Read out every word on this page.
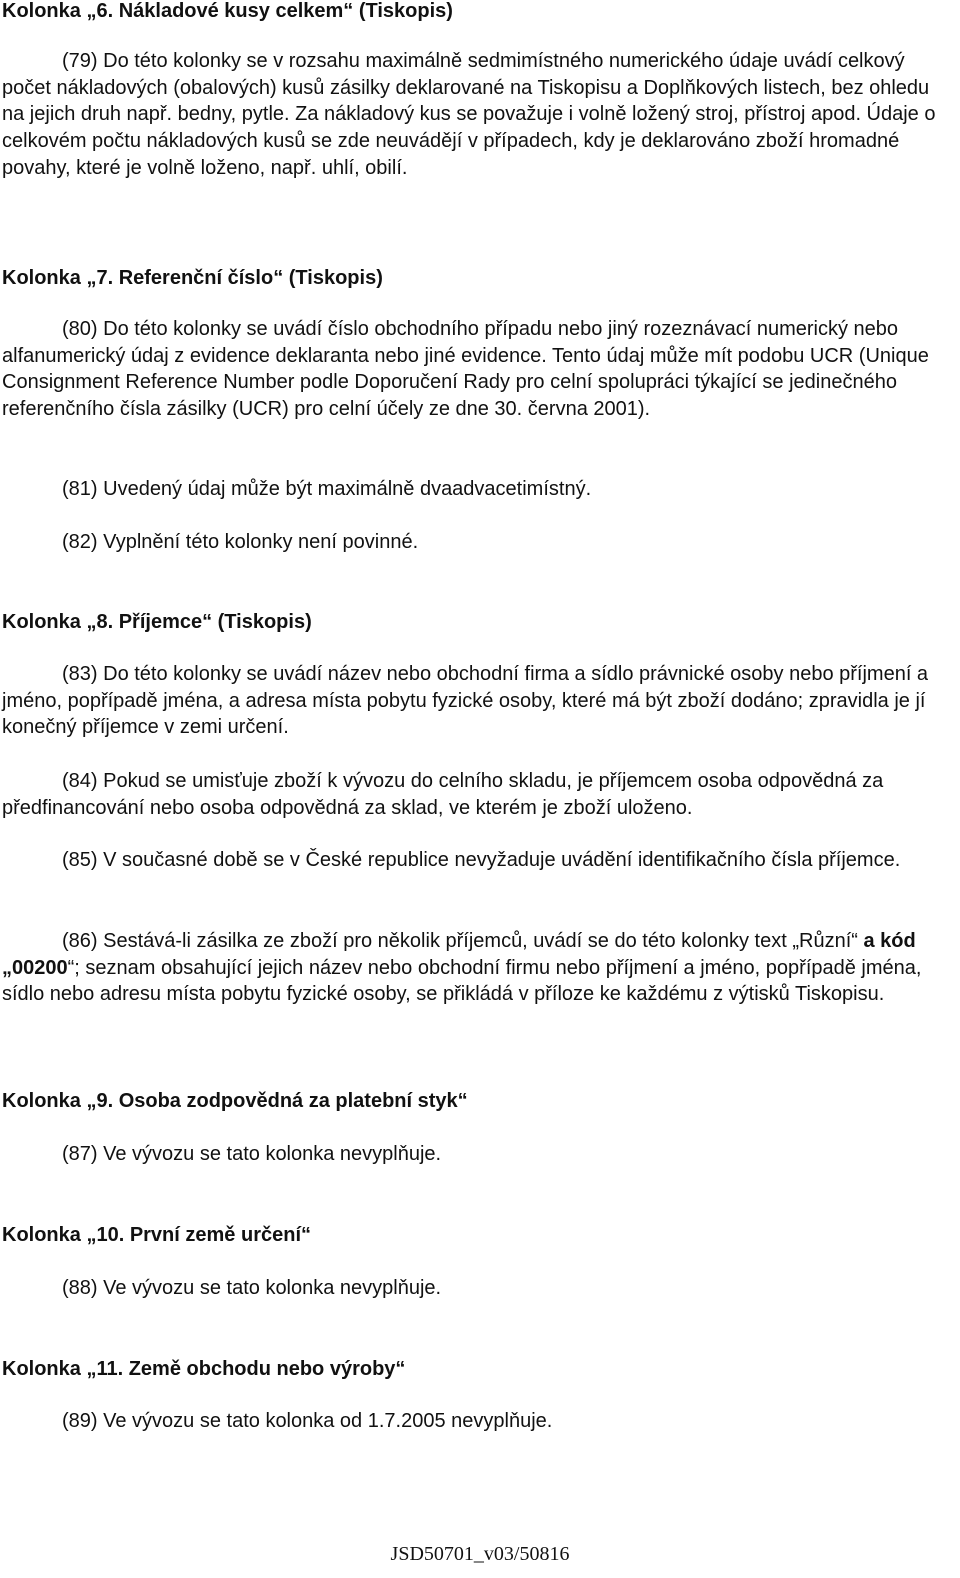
Kolonka „6. Nákladové kusy celkem“ (Tiskopis)

(79) Do této kolonky se v rozsahu maximálně sedmimístného numerického údaje uvádí celkový počet nákladových (obalových) kusů zásilky deklarované na Tiskopisu a Doplňkových listech, bez ohledu na jejich druh např. bedny, pytle. Za nákladový kus se považuje i volně ložený stroj, přístroj apod. Údaje o celkovém počtu nákladových kusů se zde neuvádějí v případech, kdy je deklarováno zboží hromadné povahy, které je volně loženo, např. uhlí, obilí.

Kolonka „7. Referenční číslo“ (Tiskopis)

(80) Do této kolonky se uvádí číslo obchodního případu nebo jiný rozeznávací numerický nebo alfanumerický údaj z evidence deklaranta nebo jiné evidence. Tento údaj může mít podobu UCR (Unique Consignment Reference Number podle Doporučení Rady pro celní spolupráci týkající se jedinečného referenčního čísla zásilky (UCR) pro celní účely ze dne 30. června 2001).

(81) Uvedený údaj může být maximálně dvaadvacetimístný.

(82) Vyplnění této kolonky není povinné.

Kolonka „8. Příjemce“ (Tiskopis)

(83) Do této kolonky se uvádí název nebo obchodní firma a sídlo právnické osoby nebo příjmení a jméno, popřípadě jména, a adresa místa pobytu fyzické osoby, které má být zboží dodáno; zpravidla je jí konečný příjemce v zemi určení.

(84) Pokud se umisťuje zboží k vývozu do celního skladu, je příjemcem osoba odpovědná za předfinancování nebo osoba odpovědná za sklad, ve kterém je zboží uloženo.

(85) V současné době se v České republice nevyžaduje uvádění identifikačního čísla příjemce.

(86) Sestává-li zásilka ze zboží pro několik příjemců, uvádí se do této kolonky text „Různí“ a kód „00200“; seznam obsahující jejich název nebo obchodní firmu nebo příjmení a jméno, popřípadě jména, sídlo nebo adresu místa pobytu fyzické osoby, se přikládá v příloze ke každému z výtisků Tiskopisu.

Kolonka „9. Osoba zodpovědná za platební styk“

(87) Ve vývozu se tato kolonka nevyplňuje.

Kolonka „10. První země určení“

(88) Ve vývozu se tato kolonka nevyplňuje.

Kolonka „11. Země obchodu nebo výroby“

(89) Ve vývozu se tato kolonka od 1.7.2005 nevyplňuje.

JSD50701_v03/50816
